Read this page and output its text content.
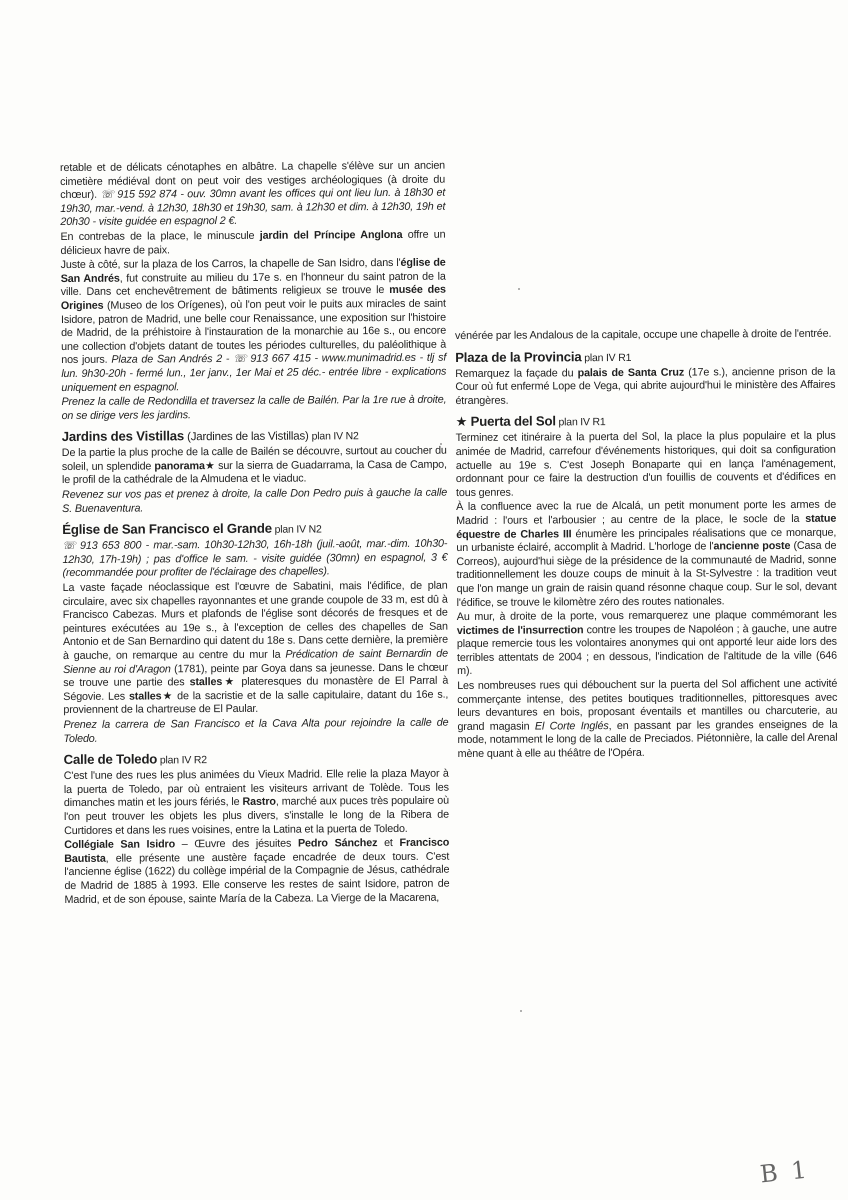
retable et de délicats cénotaphes en albâtre. La chapelle s'élève sur un ancien cimetière médiéval dont on peut voir des vestiges archéologiques (à droite du chœur). ☏ 915 592 874 - ouv. 30mn avant les offices qui ont lieu lun. à 18h30 et 19h30, mar.-vend. à 12h30, 18h30 et 19h30, sam. à 12h30 et dim. à 12h30, 19h et 20h30 - visite guidée en espagnol 2 €.

En contrebas de la place, le minuscule jardin del Príncipe Anglona offre un délicieux havre de paix.

Juste à côté, sur la plaza de los Carros, la chapelle de San Isidro, dans l'église de San Andrés, fut construite au milieu du 17e s. en l'honneur du saint patron de la ville. Dans cet enchevêtrement de bâtiments religieux se trouve le musée des Origines (Museo de los Orígenes), où l'on peut voir le puits aux miracles de saint Isidore, patron de Madrid, une belle cour Renaissance, une exposition sur l'histoire de Madrid, de la préhistoire à l'instauration de la monarchie au 16e s., ou encore une collection d'objets datant de toutes les périodes culturelles, du paléolithique à nos jours. Plaza de San Andrés 2 - ☏ 913 667 415 - www.munimadrid.es - tlj sf lun. 9h30-20h - fermé lun., 1er janv., 1er Mai et 25 déc.- entrée libre - explications uniquement en espagnol.

Prenez la calle de Redondilla et traversez la calle de Bailén. Par la 1re rue à droite, on se dirige vers les jardins.

Jardins des Vistillas (Jardines de las Vistillas) plan IV N2

De la partie la plus proche de la calle de Bailén se découvre, surtout au coucher du soleil, un splendide panorama★ sur la sierra de Guadarrama, la Casa de Campo, le profil de la cathédrale de la Almudena et le viaduc.

Revenez sur vos pas et prenez à droite, la calle Don Pedro puis à gauche la calle S. Buenaventura.

Église de San Francisco el Grande plan IV N2

☏ 913 653 800 - mar.-sam. 10h30-12h30, 16h-18h (juil.-août, mar.-dim. 10h30-12h30, 17h-19h) ; pas d'office le sam. - visite guidée (30mn) en espagnol, 3 € (recommandée pour profiter de l'éclairage des chapelles).

La vaste façade néoclassique est l'œuvre de Sabatini, mais l'édifice, de plan circulaire, avec six chapelles rayonnantes et une grande coupole de 33 m, est dû à Francisco Cabezas. Murs et plafonds de l'église sont décorés de fresques et de peintures exécutées au 19e s., à l'exception de celles des chapelles de San Antonio et de San Bernardino qui datent du 18e s. Dans cette dernière, la première à gauche, on remarque au centre du mur la Prédication de saint Bernardin de Sienne au roi d'Aragon (1781), peinte par Goya dans sa jeunesse. Dans le chœur se trouve une partie des stalles★ plateresques du monastère de El Parral à Ségovie. Les stalles★ de la sacristie et de la salle capitulaire, datant du 16e s., proviennent de la chartreuse de El Paular.

Prenez la carrera de San Francisco et la Cava Alta pour rejoindre la calle de Toledo.

Calle de Toledo plan IV R2

C'est l'une des rues les plus animées du Vieux Madrid. Elle relie la plaza Mayor à la puerta de Toledo, par où entraient les visiteurs arrivant de Tolède. Tous les dimanches matin et les jours fériés, le Rastro, marché aux puces très populaire où l'on peut trouver les objets les plus divers, s'installe le long de la Ribera de Curtidores et dans les rues voisines, entre la Latina et la puerta de Toledo.

Collégiale San Isidro – Œuvre des jésuites Pedro Sánchez et Francisco Bautista, elle présente une austère façade encadrée de deux tours. C'est l'ancienne église (1622) du collège impérial de la Compagnie de Jésus, cathédrale de Madrid de 1885 à 1993. Elle conserve les restes de saint Isidore, patron de Madrid, et de son épouse, sainte María de la Cabeza. La Vierge de la Macarena,

vénérée par les Andalous de la capitale, occupe une chapelle à droite de l'entrée.

Plaza de la Provincia plan IV R1

Remarquez la façade du palais de Santa Cruz (17e s.), ancienne prison de la Cour où fut enfermé Lope de Vega, qui abrite aujourd'hui le ministère des Affaires étrangères.

★ Puerta del Sol plan IV R1

Terminez cet itinéraire à la puerta del Sol, la place la plus populaire et la plus animée de Madrid, carrefour d'événements historiques, qui doit sa configuration actuelle au 19e s. C'est Joseph Bonaparte qui en lança l'aménagement, ordonnant pour ce faire la destruction d'un fouillis de couvents et d'édifices en tous genres.

À la confluence avec la rue de Alcalá, un petit monument porte les armes de Madrid : l'ours et l'arbousier ; au centre de la place, le socle de la statue équestre de Charles III énumère les principales réalisations que ce monarque, un urbaniste éclairé, accomplit à Madrid. L'horloge de l'ancienne poste (Casa de Correos), aujourd'hui siège de la présidence de la communauté de Madrid, sonne traditionnellement les douze coups de minuit à la St-Sylvestre : la tradition veut que l'on mange un grain de raisin quand résonne chaque coup. Sur le sol, devant l'édifice, se trouve le kilomètre zéro des routes nationales.

Au mur, à droite de la porte, vous remarquerez une plaque commémorant les victimes de l'insurrection contre les troupes de Napoléon ; à gauche, une autre plaque remercie tous les volontaires anonymes qui ont apporté leur aide lors des terribles attentats de 2004 ; en dessous, l'indication de l'altitude de la ville (646 m).

Les nombreuses rues qui débouchent sur la puerta del Sol affichent une activité commerçante intense, des petites boutiques traditionnelles, pittoresques avec leurs devantures en bois, proposant éventails et mantilles ou charcuterie, au grand magasin El Corte Inglés, en passant par les grandes enseignes de la mode, notamment le long de la calle de Preciados. Piétonnière, la calle del Arenal mène quant à elle au théâtre de l'Opéra.

B 1
